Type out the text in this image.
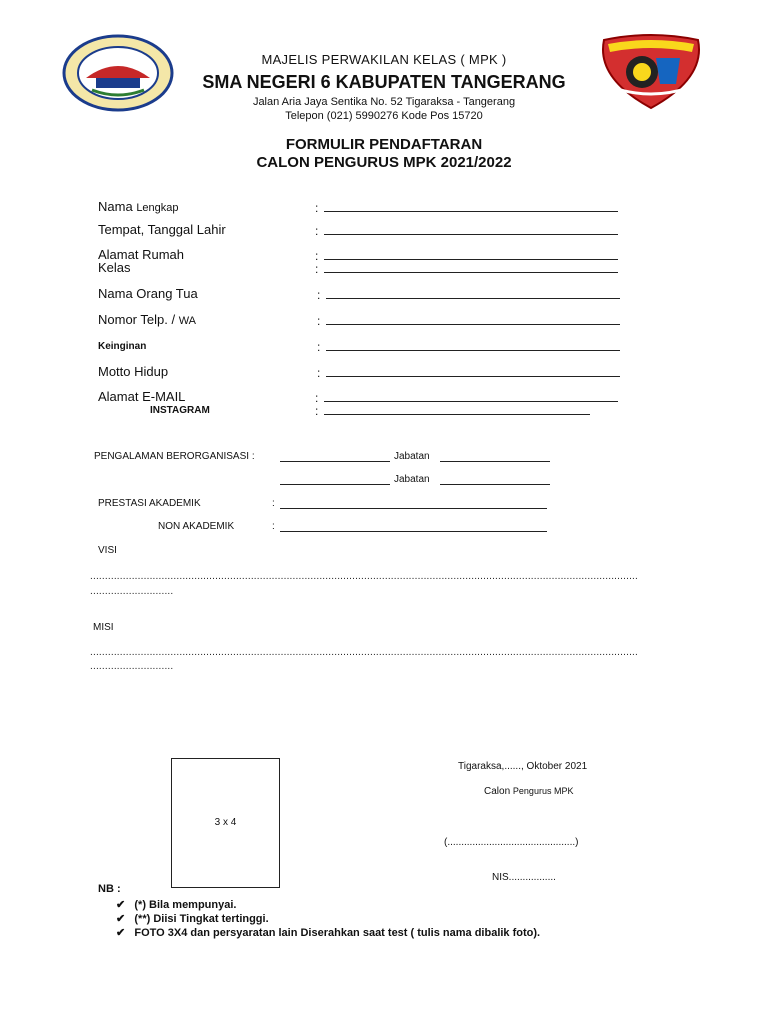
MAJELIS PERWAKILAN KELAS ( MPK )
SMA NEGERI 6 KABUPATEN TANGERANG
Jalan Aria Jaya Sentika No. 52 Tigaraksa - Tangerang
Telepon (021) 5990276 Kode Pos 15720
FORMULIR PENDAFTARAN
CALON PENGURUS MPK 2021/2022
Nama Lengkap	:
Tempat, Tanggal Lahir	:
Alamat Rumah	:
Kelas	:
Nama Orang Tua	:
Nomor Telp. / WA	:
Keinginan	:
Motto Hidup	:
Alamat E-MAIL	:
INSTAGRAM	:
PENGALAMAN BERORGANISASI :	Jabatan
Jabatan
PRESTASI AKADEMIK	:
NON AKADEMIK	:
VISI
........................................................................................................................................................................................
............................
MISI
........................................................................................................................................................................................
............................
3 x 4
Tigaraksa,......, Oktober 2021
Calon Pengurus MPK
(..............................................)
NIS.................
NB :
✔ (*) Bila mempunyai.
✔ (**) Diisi Tingkat tertinggi.
✔ FOTO 3X4 dan persyaratan lain Diserahkan saat test ( tulis nama dibalik foto).
